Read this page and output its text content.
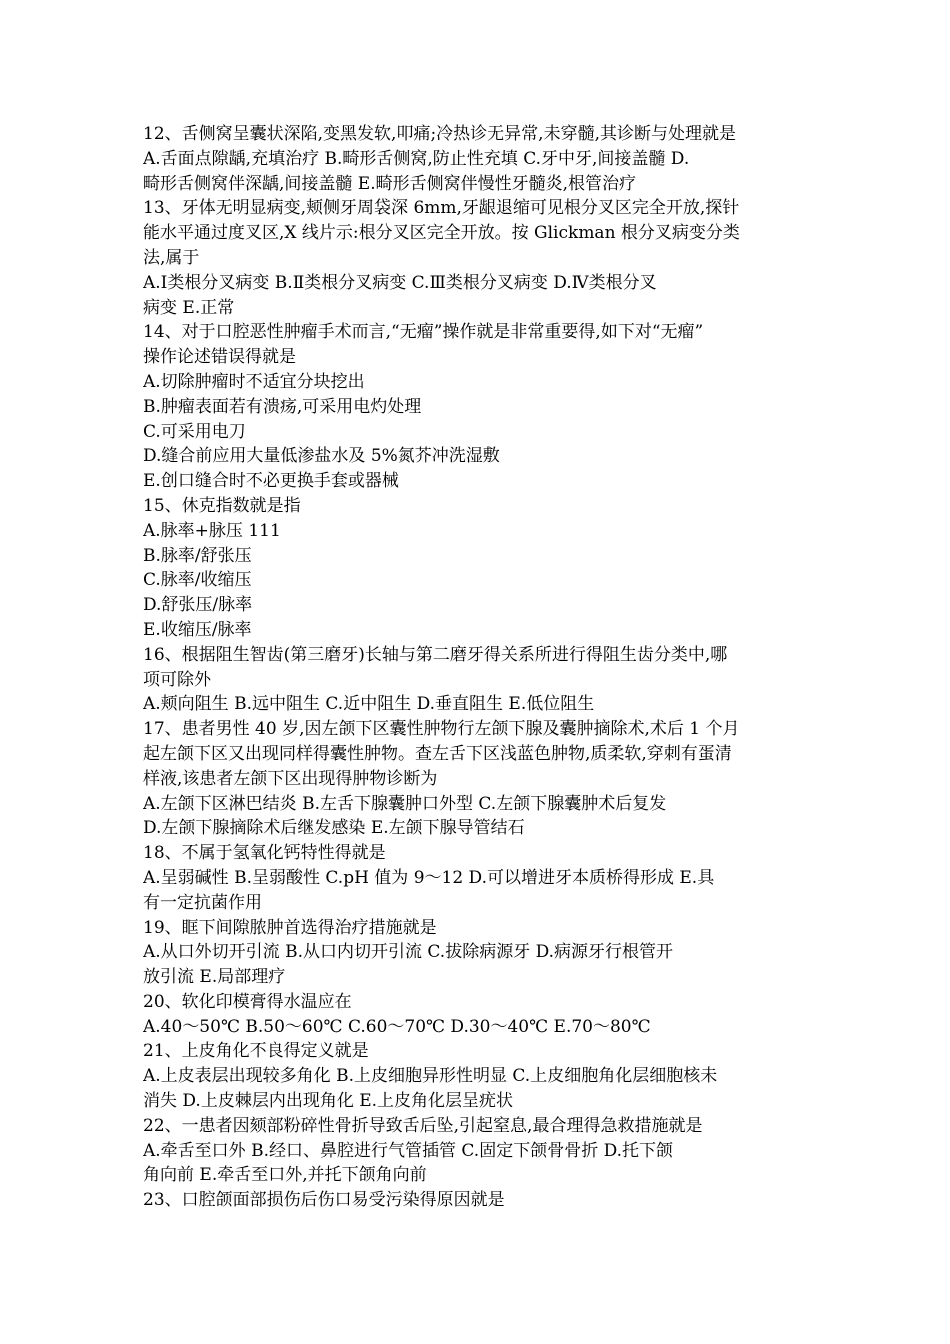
12、舌侧窝呈囊状深陷,变黑发软,叩痛;冷热诊无异常,未穿髓,其诊断与处理就是
A.舌面点隙龋,充填治疗 B.畸形舌侧窝,防止性充填 C.牙中牙,间接盖髓 D.
畸形舌侧窝伴深龋,间接盖髓 E.畸形舌侧窝伴慢性牙髓炎,根管治疗
13、牙体无明显病变,颊侧牙周袋深 6mm,牙龈退缩可见根分叉区完全开放,探针
能水平通过度叉区,X 线片示:根分叉区完全开放。按 Glickman 根分叉病变分类
法,属于
A.Ⅰ类根分叉病变 B.Ⅱ类根分叉病变 C.Ⅲ类根分叉病变 D.Ⅳ类根分叉
病变 E.正常
14、对于口腔恶性肿瘤手术而言,“无瘤”操作就是非常重要得,如下对“无瘤”
操作论述错误得就是
A.切除肿瘤时不适宜分块挖出
B.肿瘤表面若有溃疡,可采用电灼处理
C.可采用电刀
D.缝合前应用大量低渗盐水及 5%氮芥冲洗湿敷
E.创口缝合时不必更换手套或器械
15、休克指数就是指
A.脉率+脉压 111
B.脉率/舒张压
C.脉率/收缩压
D.舒张压/脉率
E.收缩压/脉率
16、根据阻生智齿(第三磨牙)长轴与第二磨牙得关系所进行得阻生齿分类中,哪
项可除外
A.颊向阻生 B.远中阻生 C.近中阻生 D.垂直阻生 E.低位阻生
17、患者男性 40 岁,因左颌下区囊性肿物行左颌下腺及囊肿摘除术,术后 1 个月
起左颌下区又出现同样得囊性肿物。查左舌下区浅蓝色肿物,质柔软,穿刺有蛋清
样液,该患者左颌下区出现得肿物诊断为
A.左颌下区淋巴结炎 B.左舌下腺囊肿口外型 C.左颌下腺囊肿术后复发
D.左颌下腺摘除术后继发感染 E.左颌下腺导管结石
18、不属于氢氧化钙特性得就是
A.呈弱碱性 B.呈弱酸性 C.pH 值为 9～12 D.可以增进牙本质桥得形成 E.具
有一定抗菌作用
19、眶下间隙脓肿首选得治疗措施就是
A.从口外切开引流 B.从口内切开引流 C.拔除病源牙 D.病源牙行根管开
放引流 E.局部理疗
20、软化印模膏得水温应在
A.40～50℃ B.50～60℃ C.60～70℃ D.30～40℃ E.70～80℃
21、上皮角化不良得定义就是
A.上皮表层出现较多角化 B.上皮细胞异形性明显 C.上皮细胞角化层细胞核未
消失 D.上皮棘层内出现角化 E.上皮角化层呈疣状
22、一患者因颏部粉碎性骨折导致舌后坠,引起窒息,最合理得急救措施就是
A.牵舌至口外 B.经口、鼻腔进行气管插管 C.固定下颌骨骨折 D.托下颌
角向前 E.牵舌至口外,并托下颌角向前
23、口腔颌面部损伤后伤口易受污染得原因就是
